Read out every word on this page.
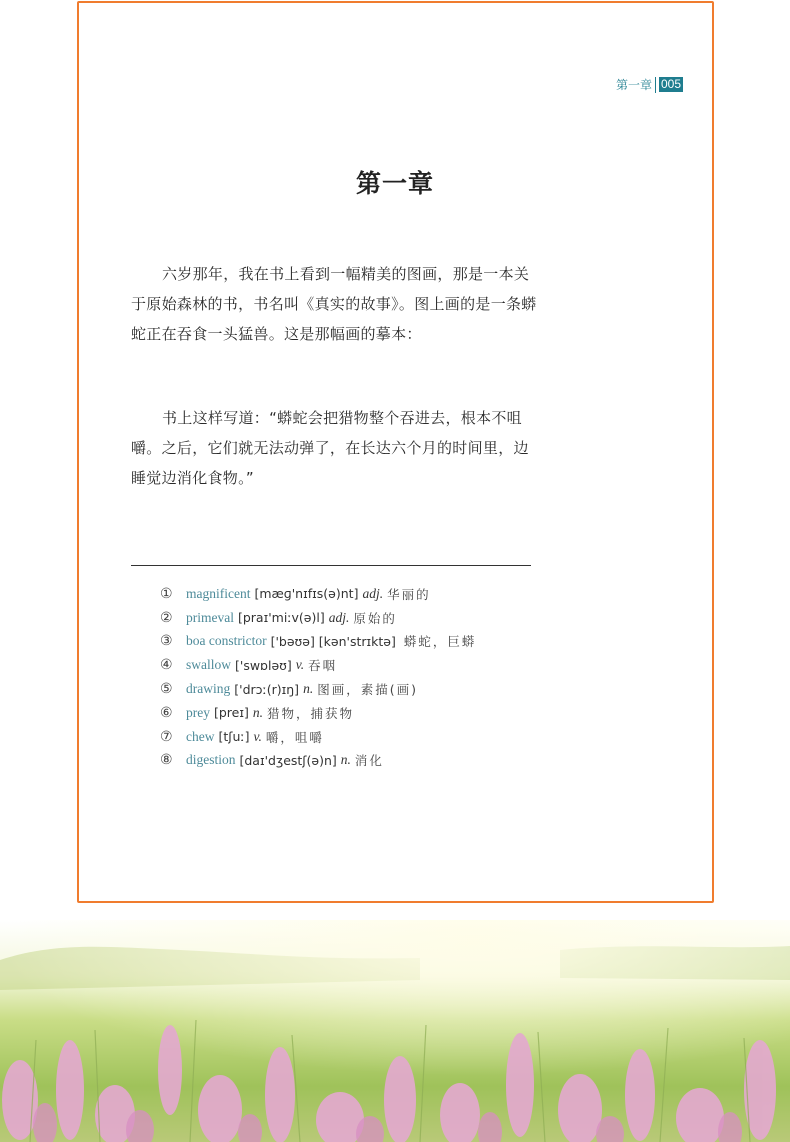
第一章 005
第一章

六岁那年，我在书上看到一幅精美的图画，那是一本关于原始森林的书，书名叫《真实的故事》。图上画的是一条蟒蛇正在吞食一头猛兽。这是那幅画的摹本：

书上这样写道：“蟒蛇会把猎物整个吞进去，根本不咀嚼。之后，它们就无法动弹了，在长达六个月的时间里，边睡觉边消化食物。”

① magnificent [mæɡ'nɪfɪs(ə)nt] adj. 华丽的
② primeval [praɪ'miːv(ə)l] adj. 原始的
③ boa constrictor ['bəʊə] [kən'strɪktə] 蟒蛇，巨蟒
④ swallow ['swɒləʊ] v. 吞咽
⑤ drawing ['drɔː(r)ɪŋ] n. 图画，素描(画)
⑥ prey [preɪ] n. 猎物，捕获物
⑦ chew [tʃuː] v. 嚼，咀嚼
⑧ digestion [daɪ'dʒestʃ(ə)n] n. 消化
